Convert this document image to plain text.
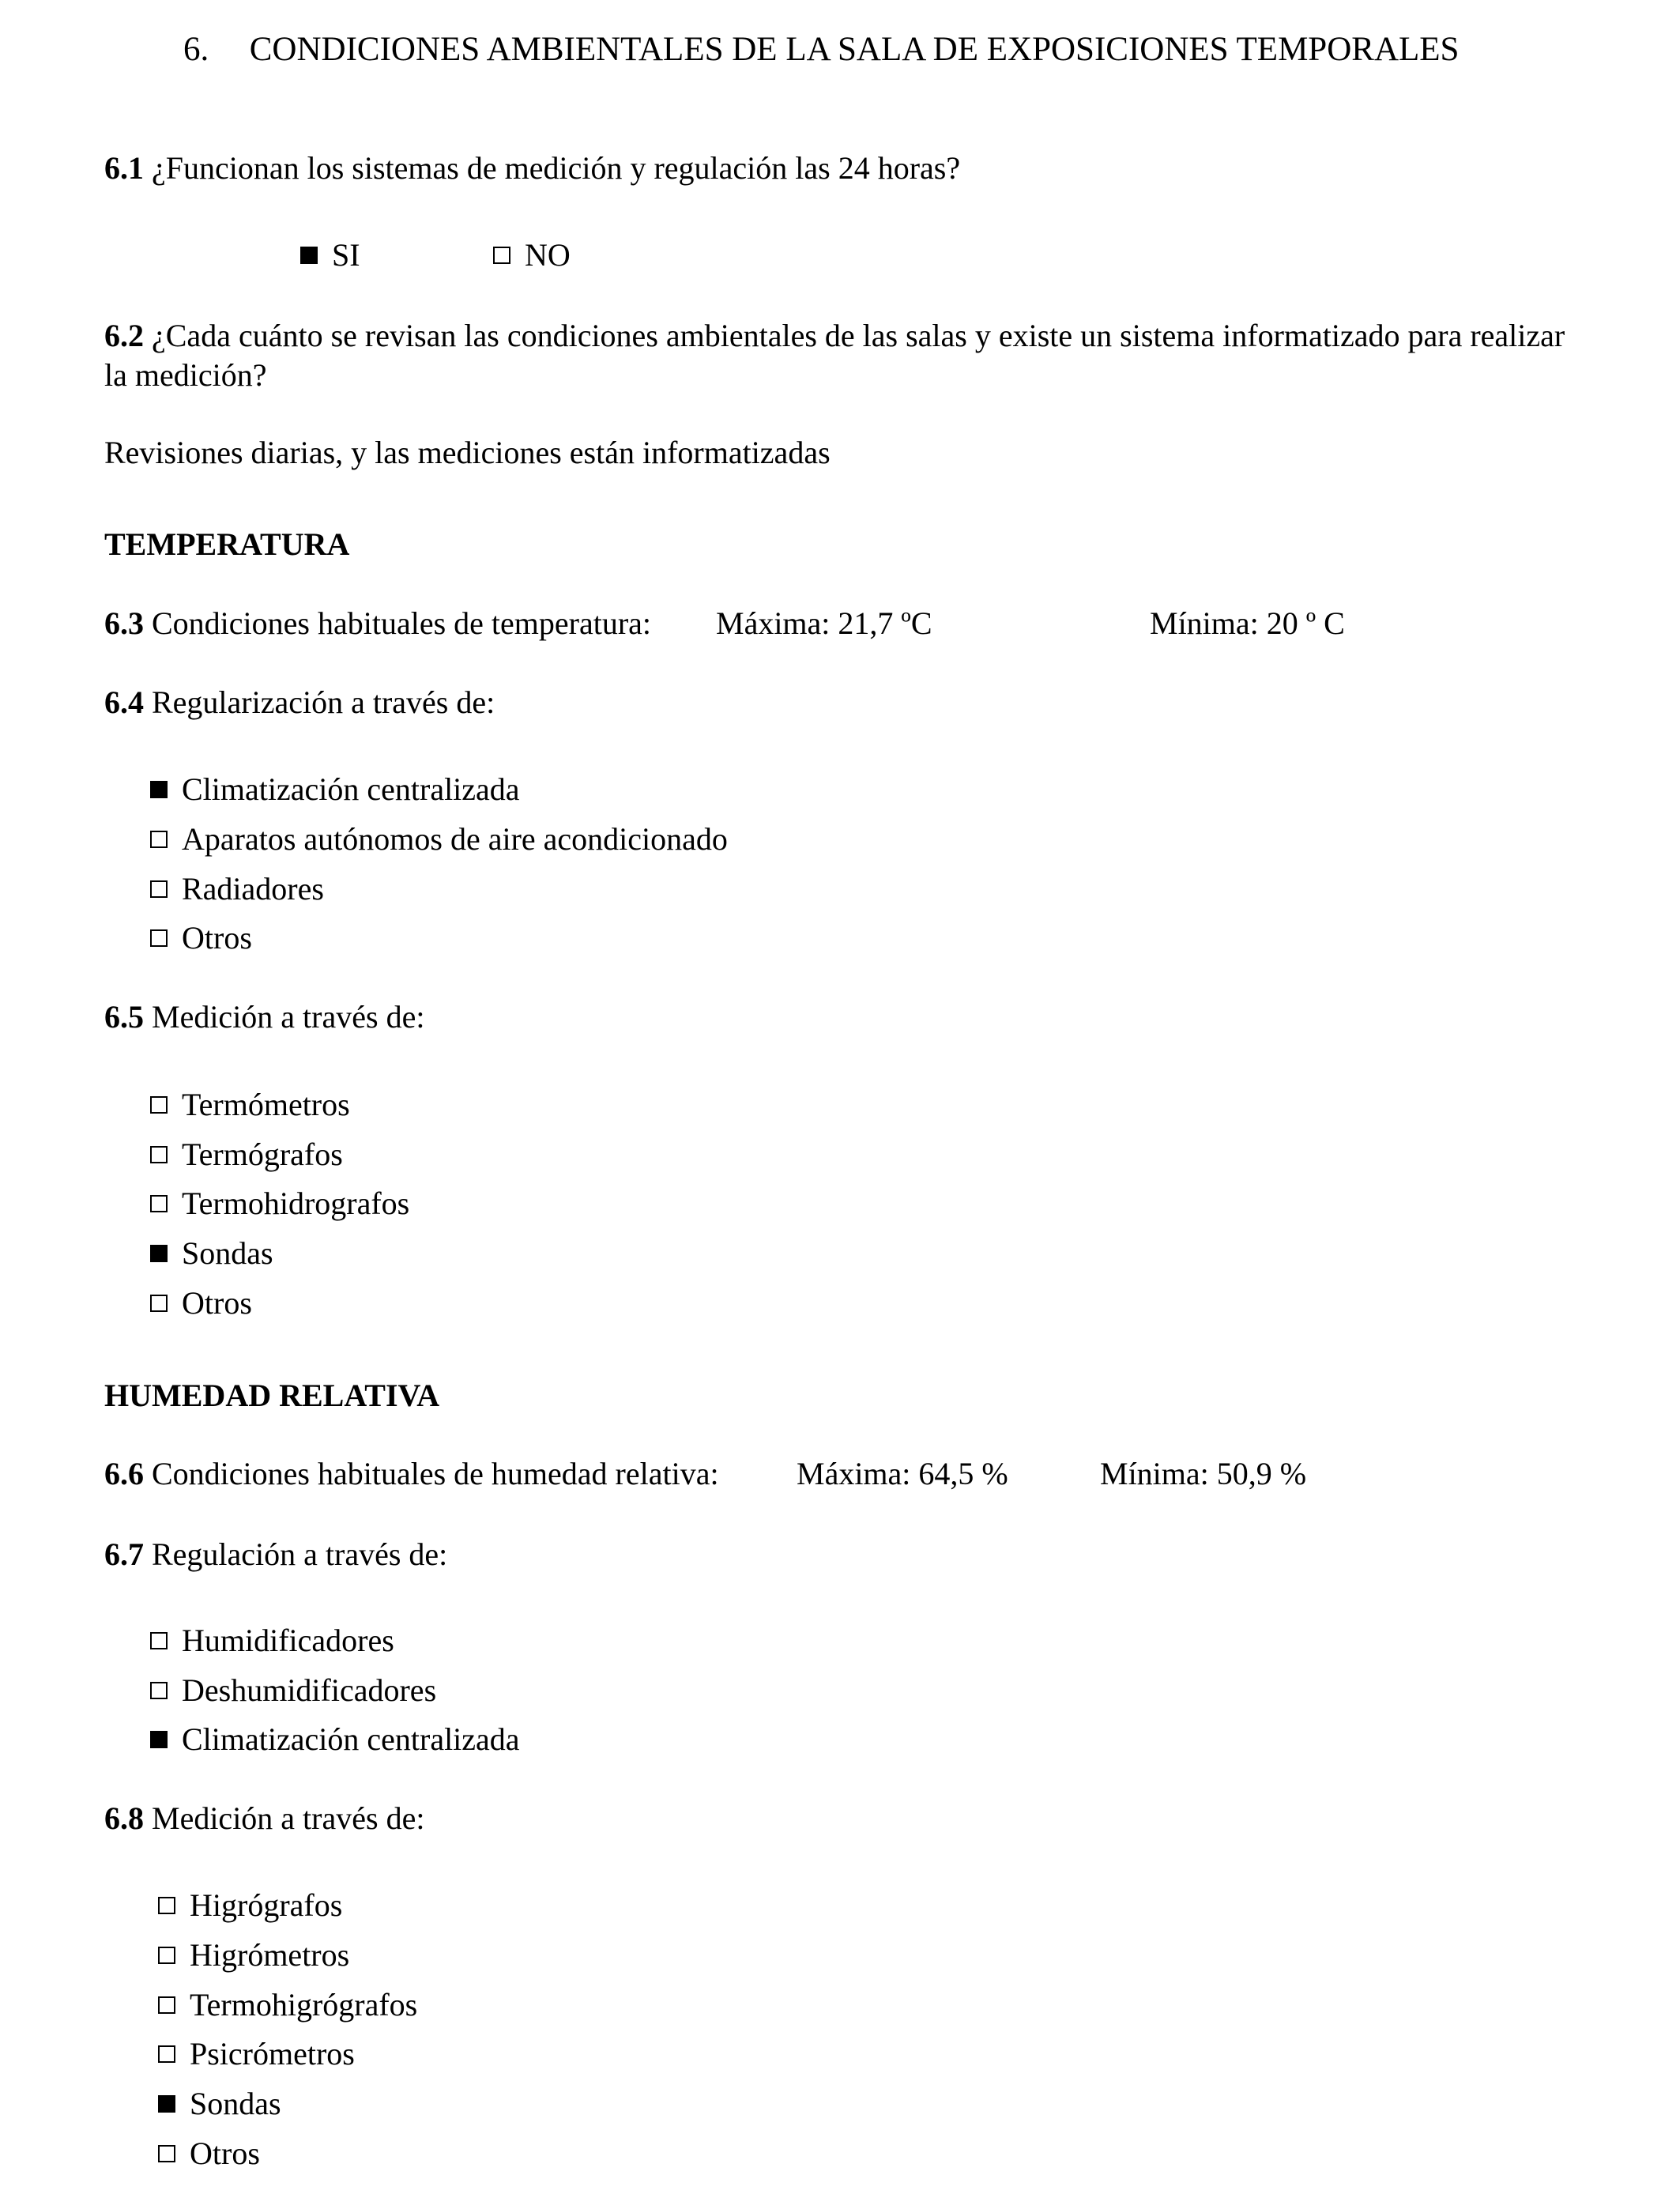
6. CONDICIONES AMBIENTALES DE LA SALA DE EXPOSICIONES TEMPORALES
6.1 ¿Funcionan los sistemas de medición y regulación las 24 horas?
SI	NO
6.2 ¿Cada cuánto se revisan las condiciones ambientales de las salas y existe un sistema informatizado para realizar la medición?
Revisiones diarias, y las mediciones están informatizadas
TEMPERATURA
6.3 Condiciones habituales de temperatura: Máxima: 21,7 ºC	Mínima: 20 º C
6.4 Regularización a través de:
Climatización centralizada
Aparatos autónomos de aire acondicionado
Radiadores
Otros
6.5 Medición a través de:
Termómetros
Termógrafos
Termohidrografos
Sondas
Otros
HUMEDAD RELATIVA
6.6 Condiciones habituales de humedad relativa: Máxima: 64,5 %	Mínima: 50,9 %
6.7 Regulación a través de:
Humidificadores
Deshumidificadores
Climatización centralizada
6.8 Medición a través de:
Higrógrafos
Higrómetros
Termohigrógrafos
Psicrómetros
Sondas
Otros
